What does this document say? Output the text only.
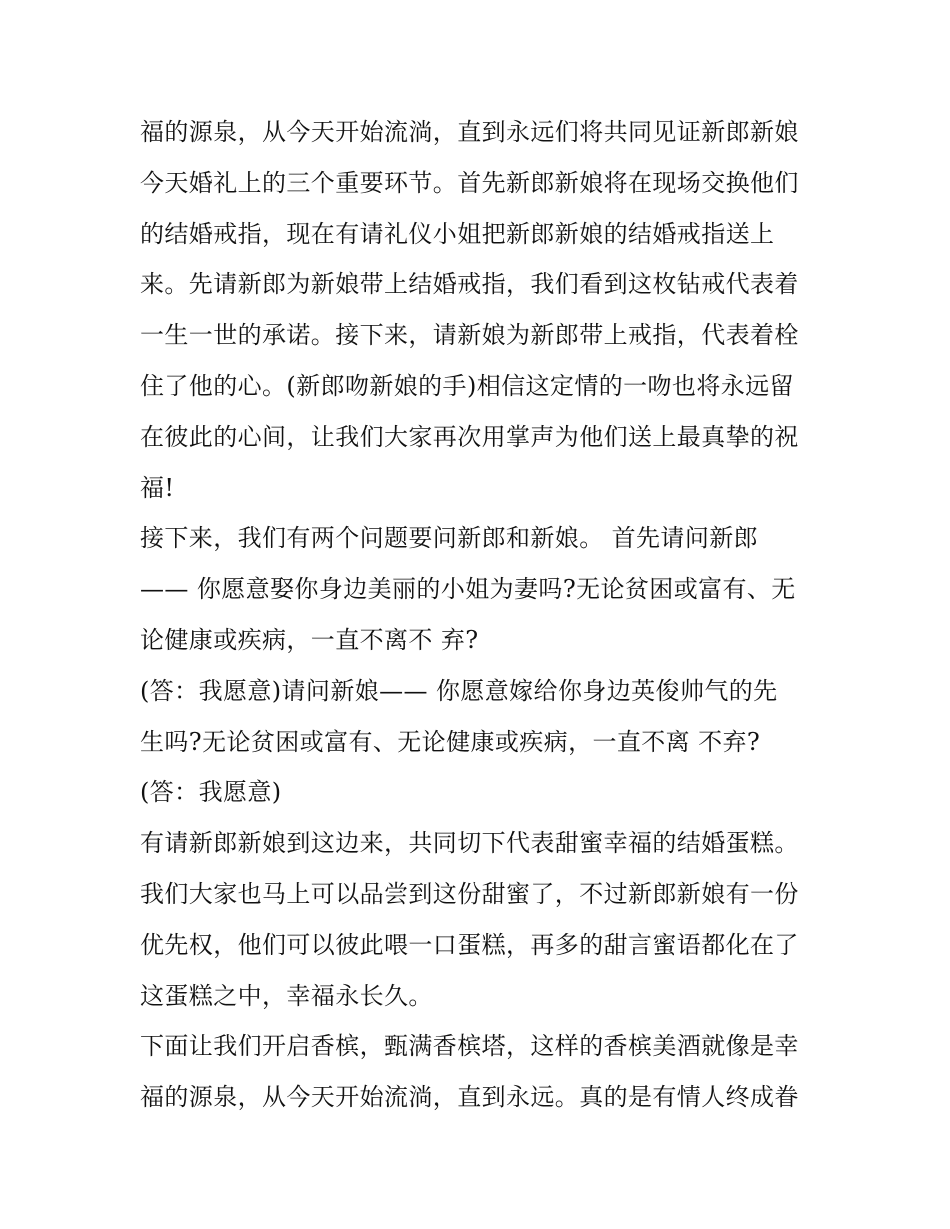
福的源泉，从今天开始流淌，直到永远们将共同见证新郎新娘
今天婚礼上的三个重要环节。首先新郎新娘将在现场交换他们
的结婚戒指，现在有请礼仪小姐把新郎新娘的结婚戒指送上
来。先请新郎为新娘带上结婚戒指，我们看到这枚钻戒代表着
一生一世的承诺。接下来，请新娘为新郎带上戒指，代表着栓
住了他的心。(新郎吻新娘的手)相信这定情的一吻也将永远留
在彼此的心间，让我们大家再次用掌声为他们送上最真挚的祝
福!
接下来，我们有两个问题要问新郎和新娘。 首先请问新郎
—— 你愿意娶你身边美丽的小姐为妻吗?无论贫困或富有、无
论健康或疾病，一直不离不 弃?
(答：我愿意)请问新娘—— 你愿意嫁给你身边英俊帅气的先
生吗?无论贫困或富有、无论健康或疾病，一直不离 不弃?
(答：我愿意)
有请新郎新娘到这边来，共同切下代表甜蜜幸福的结婚蛋糕。
我们大家也马上可以品尝到这份甜蜜了，不过新郎新娘有一份
优先权，他们可以彼此喂一口蛋糕，再多的甜言蜜语都化在了
这蛋糕之中，幸福永长久。
下面让我们开启香槟，甄满香槟塔，这样的香槟美酒就像是幸
福的源泉，从今天开始流淌，直到永远。真的是有情人终成眷
